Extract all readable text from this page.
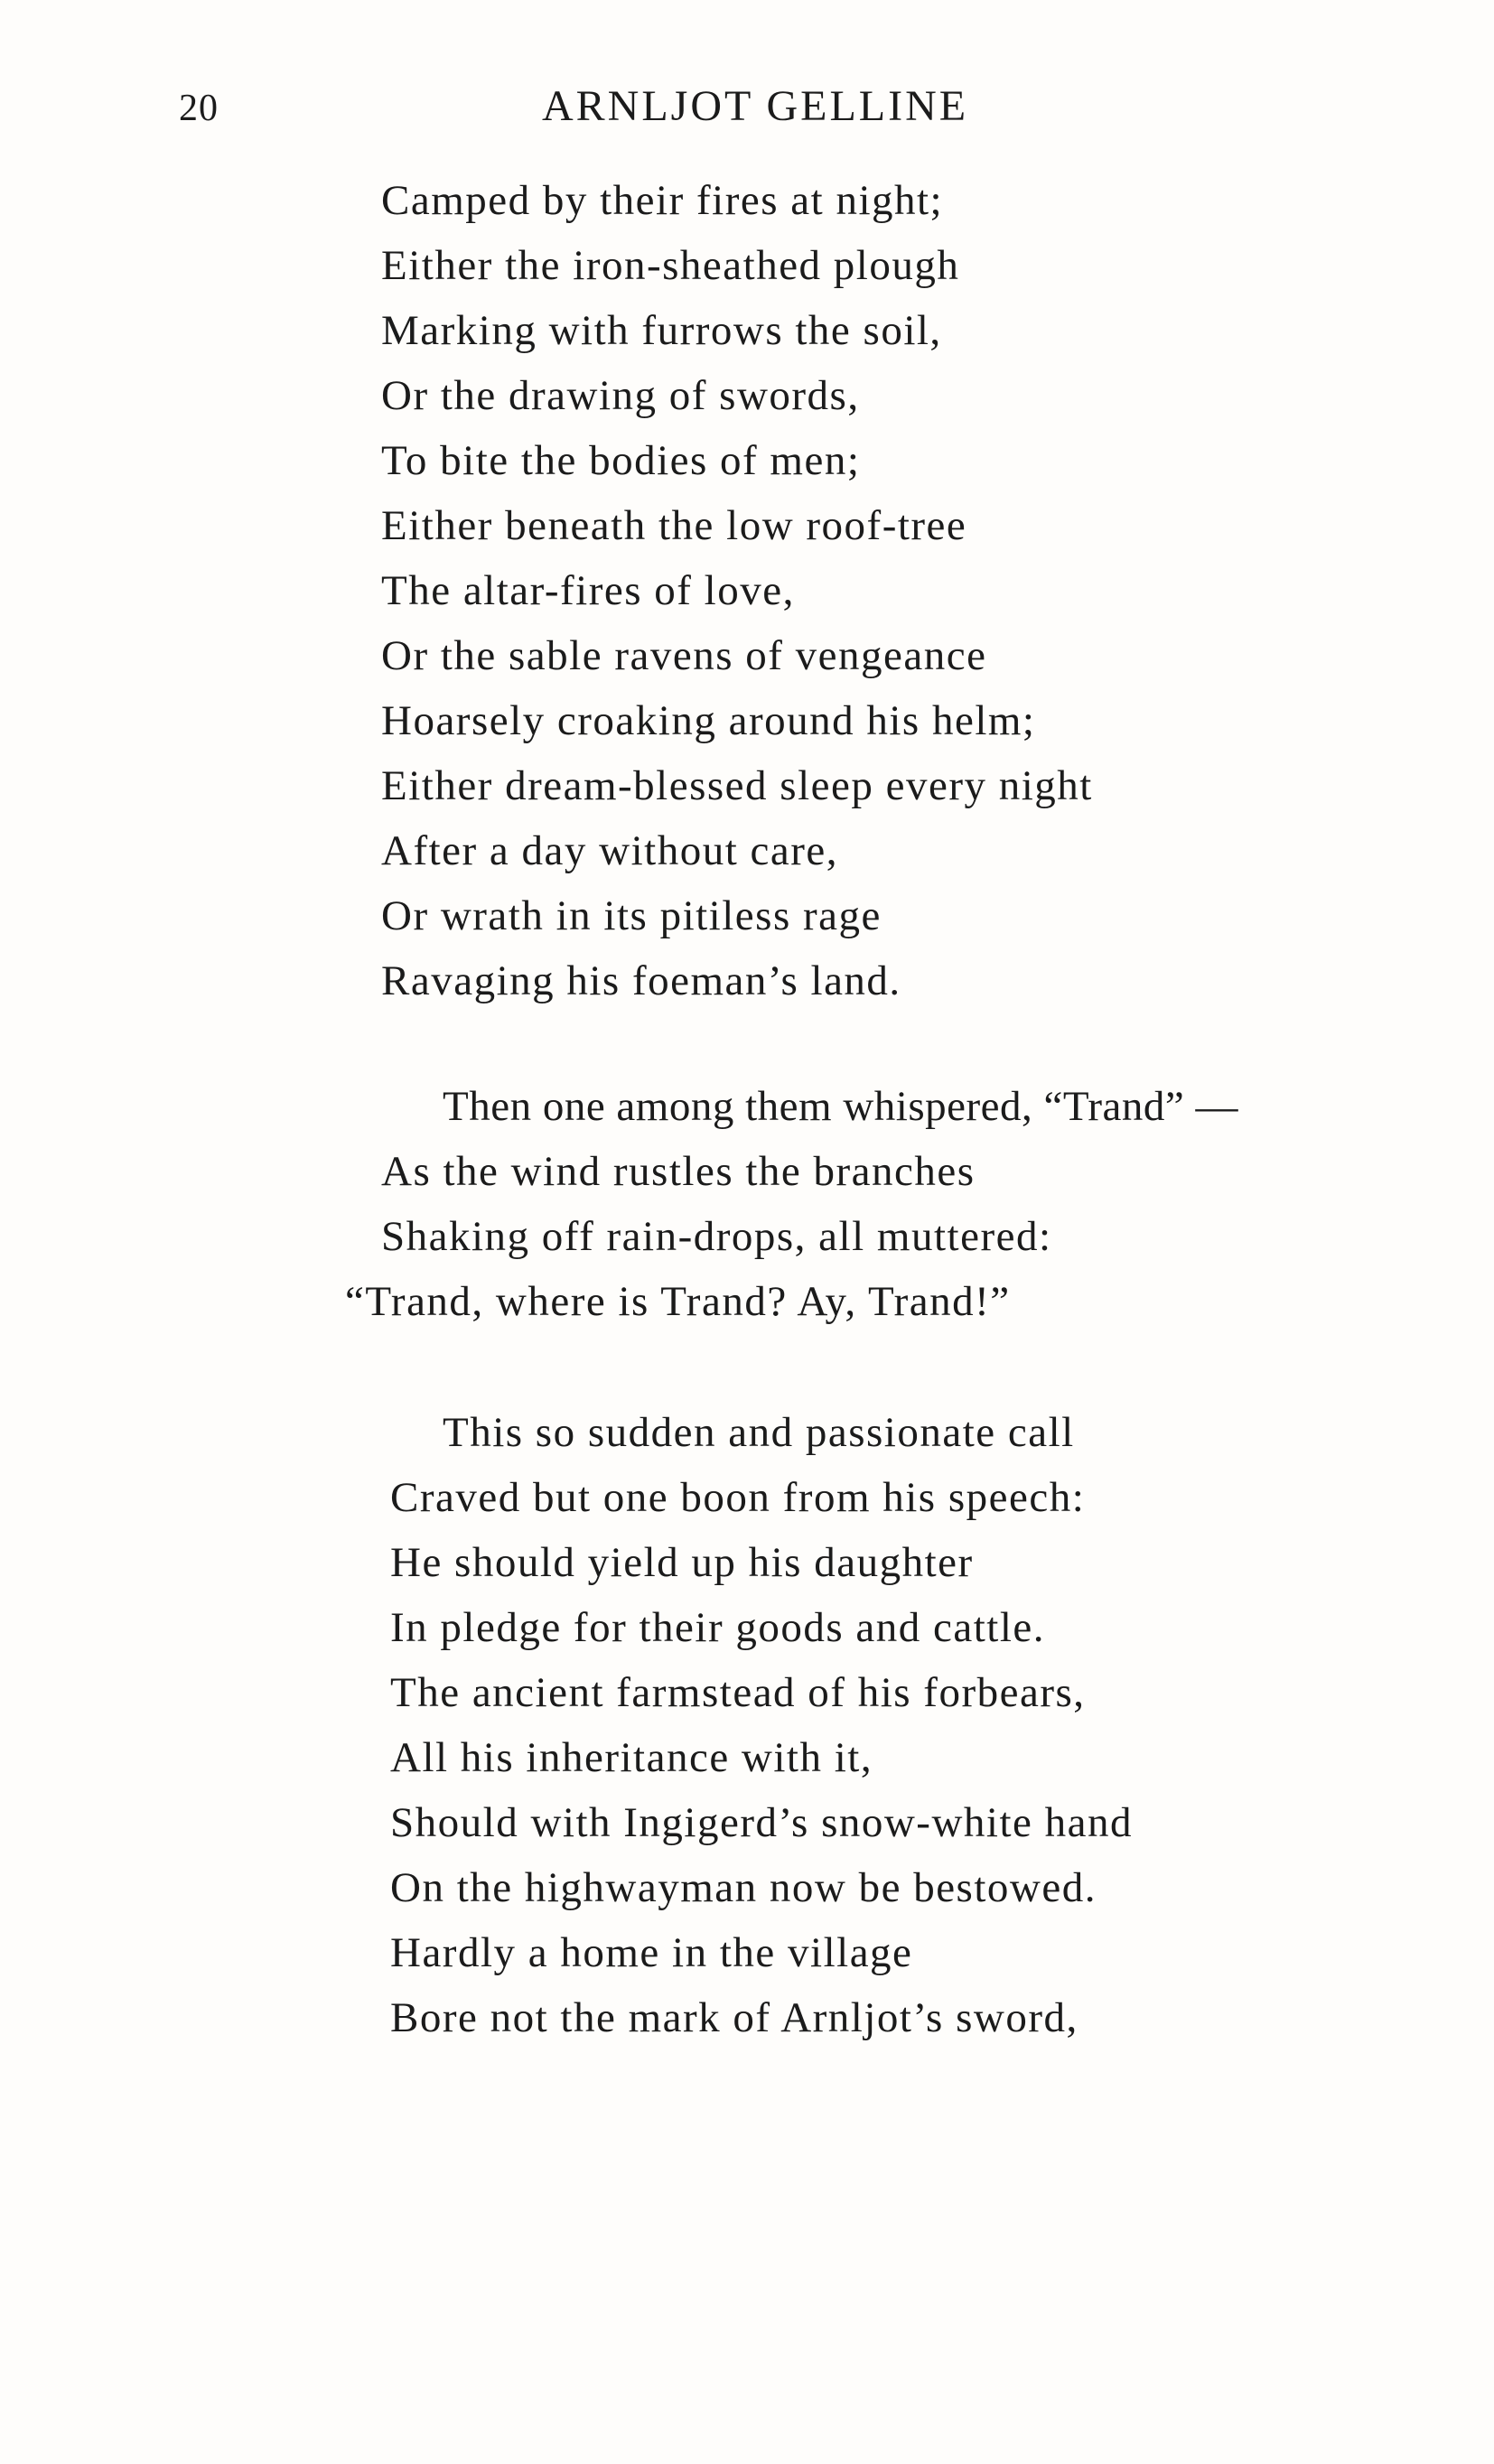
20	ARNLJOT GELLINE
Camped by their fires at night;
Either the iron-sheathed plough
Marking with furrows the soil,
Or the drawing of swords,
To bite the bodies of men;
Either beneath the low roof-tree
The altar-fires of love,
Or the sable ravens of vengeance
Hoarsely croaking around his helm;
Either dream-blessed sleep every night
After a day without care,
Or wrath in its pitiless rage
Ravaging his foeman’s land.
Then one among them whispered, “Trand” —
As the wind rustles the branches
Shaking off rain-drops, all muttered:
“Trand, where is Trand? Ay, Trand!”
This so sudden and passionate call
Craved but one boon from his speech:
He should yield up his daughter
In pledge for their goods and cattle.
The ancient farmstead of his forbears,
All his inheritance with it,
Should with Ingigerd’s snow-white hand
On the highwayman now be bestowed.
Hardly a home in the village
Bore not the mark of Arnljot’s sword,
